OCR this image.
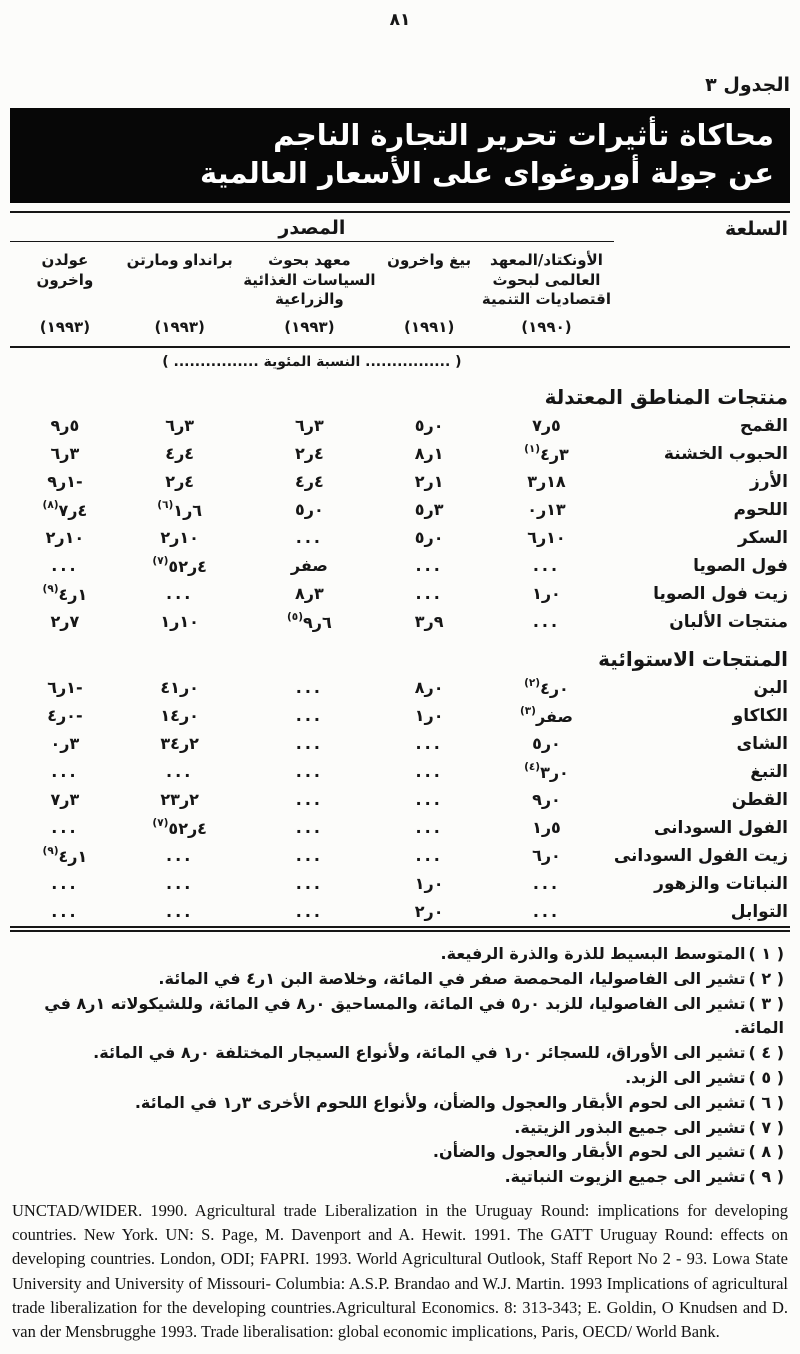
٨١
الجدول ٣
محاكاة تأثيرات تحرير التجارة الناجم
عن جولة أوروغواى على الأسعار العالمية
السلعة	المصدر				
	الأونكتاد/المعهد العالمى لبحوث اقتصاديات التنمية	بيغ واخرون	معهد بحوث السياسات الغذائية والزراعية	برانداو ومارتن	عولدن واخرون
	(١٩٩٠)	(١٩٩١)	(١٩٩٣)	(١٩٩٣)	(١٩٩٣)
	( ................ النسبة المئوية ................ )				
منتجات المناطق المعتدلة					
القمح	٧ر٥	٥ر٠	٦ر٣	٦ر٣	٩ر٥
الحبوب الخشنة	٤ر٣$^{(١)}$	٨ر١	٢ر٤	٤ر٤	٦ر٣
الأرز	٣ر١٨	٢ر١	٤ر٤	٢ر٤	٩ر١-
اللحوم	٠ر١٣	٥ر٣	٥ر٠	١ر٦$^{(٦)}$	٧ر٤$^{(٨)}$
السكر	٦ر١٠	٥ر٠	...	٢ر١٠	٢ر١٠
فول الصويا	...	...	صفر	٥٢ر٤$^{(٧)}$	...
زيت فول الصويا	١ر٠	...	٨ر٣	...	٤ر١$^{(٩)}$
منتجات الألبان	...	٣ر٩	٩ر٦$^{(٥)}$	١ر١٠	٢ر٧
المنتجات الاستوائية					
البن	٤ر٠$^{(٢)}$	٨ر٠	...	٤١ر٠	٦ر١-
الكاكاو	صفر$^{(٣)}$	١ر٠	...	١٤ر٠	٤ر٠-
الشاى	٥ر٠	...	...	٣٤ر٢	٠ر٣
التبغ	٣ر٠$^{(٤)}$	...	...	...	...
القطن	٩ر٠	...	...	٢٣ر٢	٧ر٣
الفول السودانى	١ر٥	...	...	٥٢ر٤$^{(٧)}$	...
زيت الفول السودانى	٦ر٠	...	...	...	٤ر١$^{(٩)}$
النباتات والزهور	...	١ر٠	...	...	...
التوابل	...	٢ر٠	...	...	...
( ١ )المتوسط البسيط للذرة والذرة الرفيعة.
( ٢ )تشير الى الفاصوليا، المحمصة صفر في المائة، وخلاصة البن ١ر٤ في المائة.
( ٣ )تشير الى الفاصوليا، للزبد ٠ر٥ في المائة، والمساحيق ٠ر٨ في المائة، وللشيكولاته ١ر٨ في المائة.
( ٤ )تشير الى الأوراق، للسجائر ٠ر١ في المائة، ولأنواع السيجار المختلفة ٠ر٨ في المائة.
( ٥ )تشير الى الزبد.
( ٦ )تشير الى لحوم الأبقار والعجول والضأن، ولأنواع اللحوم الأخرى ٣ر١ في المائة.
( ٧ )تشير الى جميع البذور الزيتية.
( ٨ )تشير الى لحوم الأبقار والعجول والضأن.
( ٩ )تشير الى جميع الزيوت النباتية.
UNCTAD/WIDER. 1990. Agricultural trade Liberalization in the Uruguay Round: implications for developing countries. New York. UN: S. Page, M. Davenport and A. Hewit. 1991. The GATT Uruguay Round: effects on developing countries. London, ODI; FAPRI. 1993. World Agricultural Outlook, Staff Report No 2 - 93. Lowa State University and University of Missouri- Columbia: A.S.P. Brandao and W.J. Martin. 1993 Implications of agricultural trade liberalization for the developing countries.Agricultural Economics. 8: 313-343; E. Goldin, O Knudsen and D. van der Mensbrugghe 1993. Trade liberalisation: global economic implications, Paris, OECD/ World Bank.
